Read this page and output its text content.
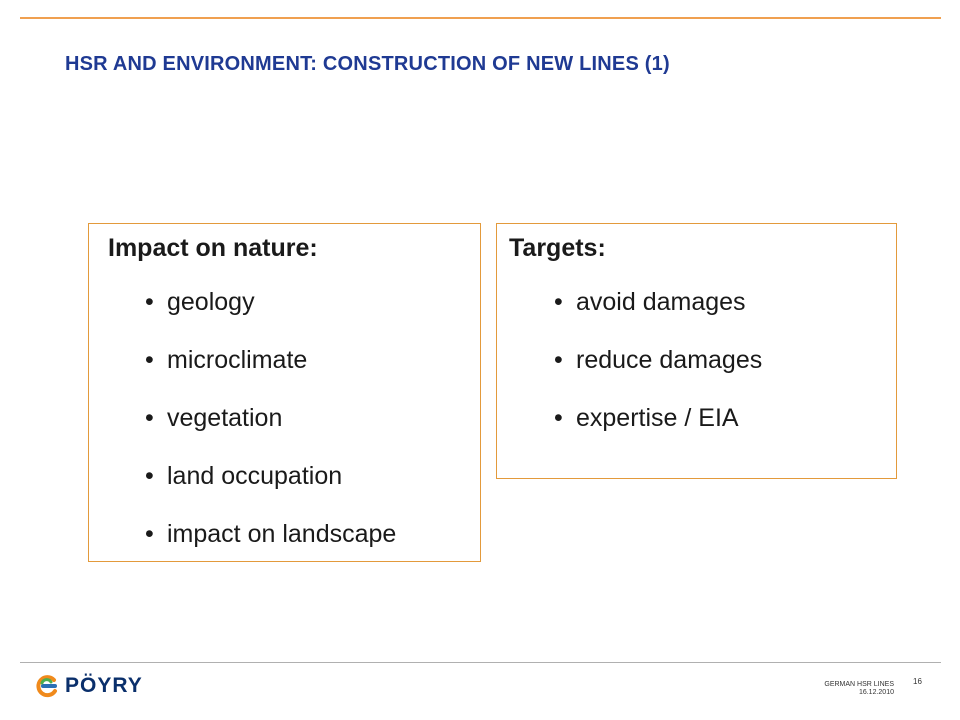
HSR AND ENVIRONMENT: CONSTRUCTION OF NEW LINES (1)
Impact on nature:
• geology
• microclimate
• vegetation
• land occupation
• impact on landscape
Targets:
• avoid damages
• reduce damages
• expertise / EIA
PÖYRY	GERMAN HSR LINES
16.12.2010
16
